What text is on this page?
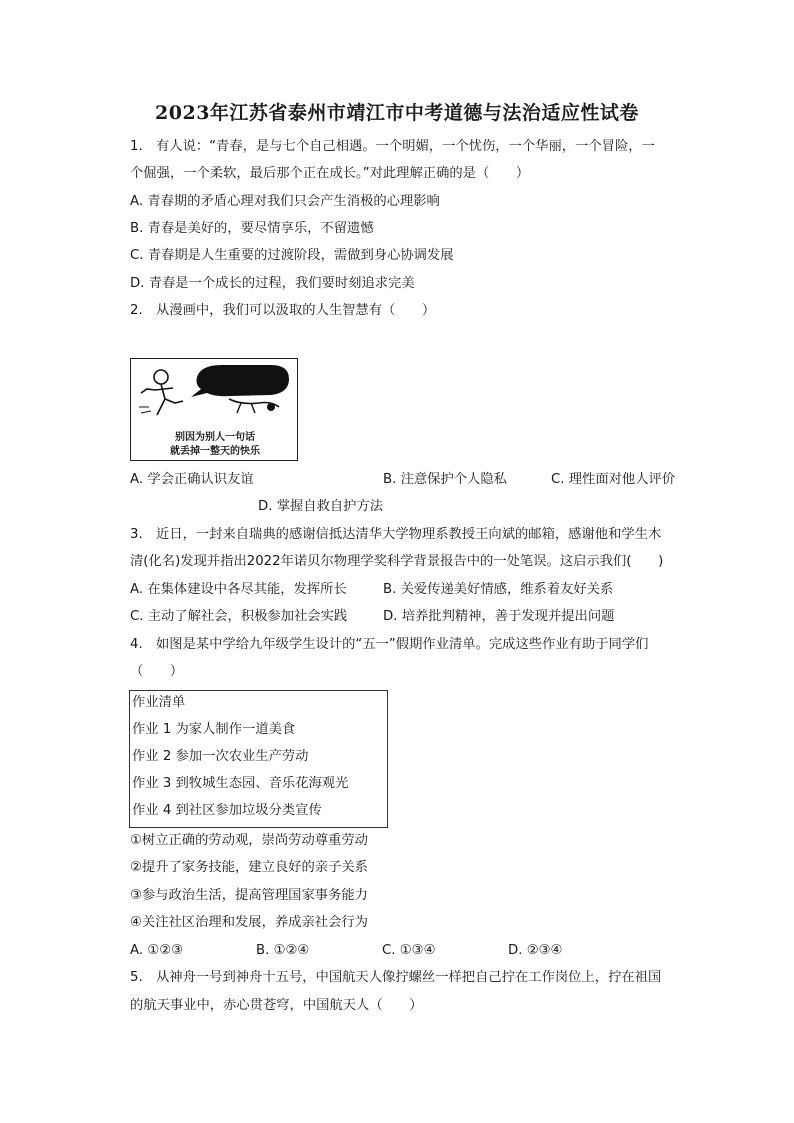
2023年江苏省泰州市靖江市中考道德与法治适应性试卷
1.　有人说：“青春，是与七个自己相遇。一个明媚，一个忧伤，一个华丽，一个冒险，一
个倔强，一个柔软，最后那个正在成长。”对此理解正确的是（　　）
A. 青春期的矛盾心理对我们只会产生消极的心理影响
B. 青春是美好的，要尽情享乐，不留遗憾
C. 青春期是人生重要的过渡阶段，需做到身心协调发展
D. 青春是一个成长的过程，我们要时刻追求完美
2.　从漫画中，我们可以汲取的人生智慧有（　　）
别因为别人一句话
就丢掉一整天的快乐
A. 学会正确认识友谊	B. 注意保护个人隐私	C. 理性面对他人评价
D. 掌握自救自护方法
3.　近日，一封来自瑞典的感谢信抵达清华大学物理系教授王向斌的邮箱，感谢他和学生木
清(化名)发现并指出2022年诺贝尔物理学奖科学背景报告中的一处笔误。这启示我们(　　)
A. 在集体建设中各尽其能，发挥所长	B. 关爱传递美好情感，维系着友好关系
C. 主动了解社会，积极参加社会实践	D. 培养批判精神，善于发现并提出问题
4.　如图是某中学给九年级学生设计的“五一”假期作业清单。完成这些作业有助于同学们
（　　）
作业清单
作业 1 为家人制作一道美食
作业 2 参加一次农业生产劳动
作业 3 到牧城生态园、音乐花海观光
作业 4 到社区参加垃圾分类宣传
①树立正确的劳动观，崇尚劳动尊重劳动
②提升了家务技能，建立良好的亲子关系
③参与政治生活，提高管理国家事务能力
④关注社区治理和发展，养成亲社会行为
A. ①②③	B. ①②④	C. ①③④	D. ②③④
5.　从神舟一号到神舟十五号，中国航天人像拧螺丝一样把自己拧在工作岗位上，拧在祖国
的航天事业中，赤心贯苍穹，中国航天人（　　）
